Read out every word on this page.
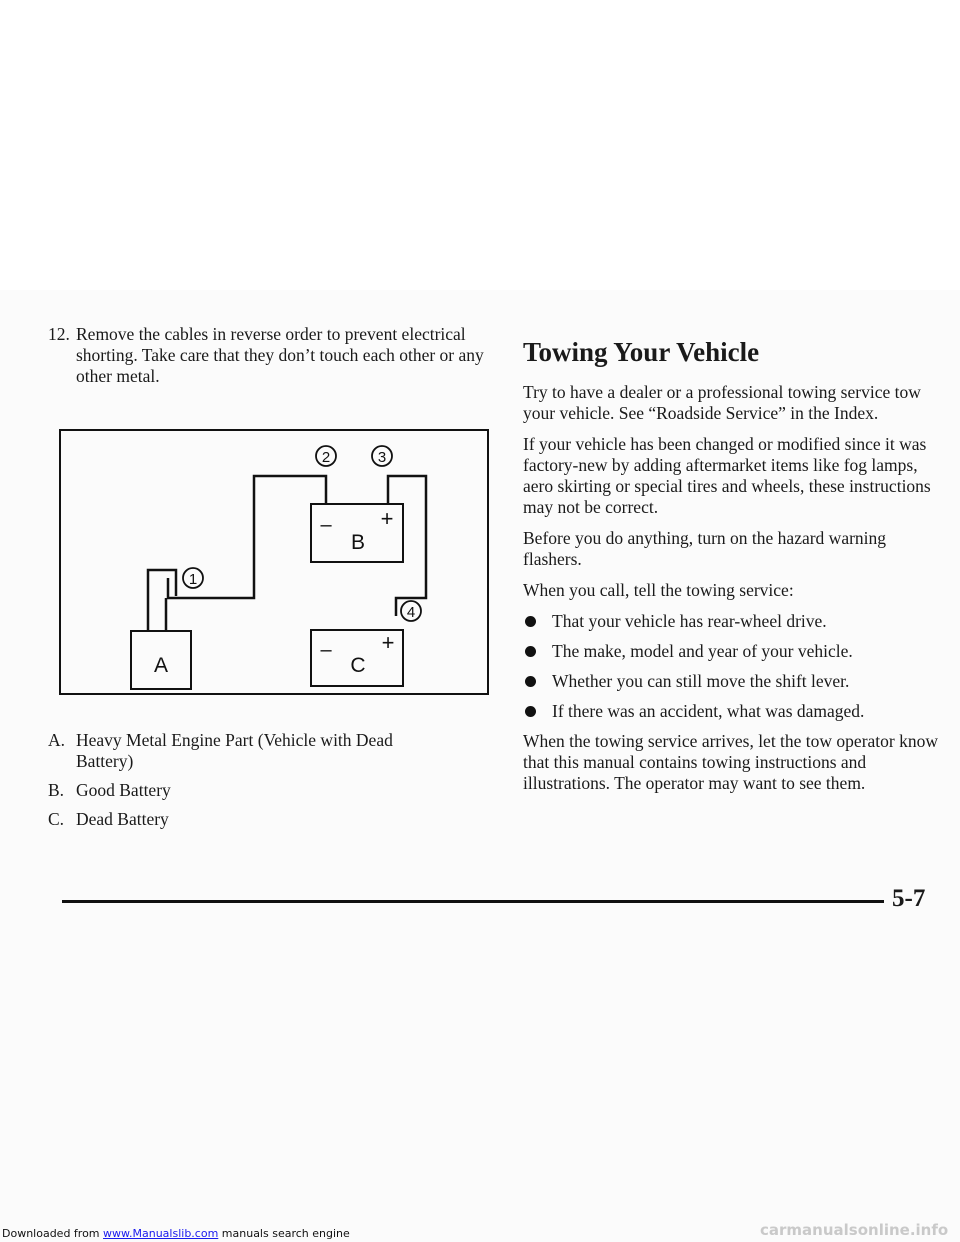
12. Remove the cables in reverse order to prevent electrical shorting. Take care that they don’t touch each other or any other metal.
A
– +
B
– +
C
1
2	3
4
A. Heavy Metal Engine Part (Vehicle with Dead Battery)
B. Good Battery
C. Dead Battery
Towing Your Vehicle

Try to have a dealer or a professional towing service tow your vehicle. See “Roadside Service” in the Index.

If your vehicle has been changed or modified since it was factory-new by adding aftermarket items like fog lamps, aero skirting or special tires and wheels, these instructions may not be correct.

Before you do anything, turn on the hazard warning flashers.

When you call, tell the towing service:

That your vehicle has rear-wheel drive.
The make, model and year of your vehicle.
Whether you can still move the shift lever.
If there was an accident, what was damaged.

When the towing service arrives, let the tow operator know that this manual contains towing instructions and illustrations. The operator may want to see them.

5-7
Downloaded from www.Manualslib.com manuals search engine	carmanualsonline.info
